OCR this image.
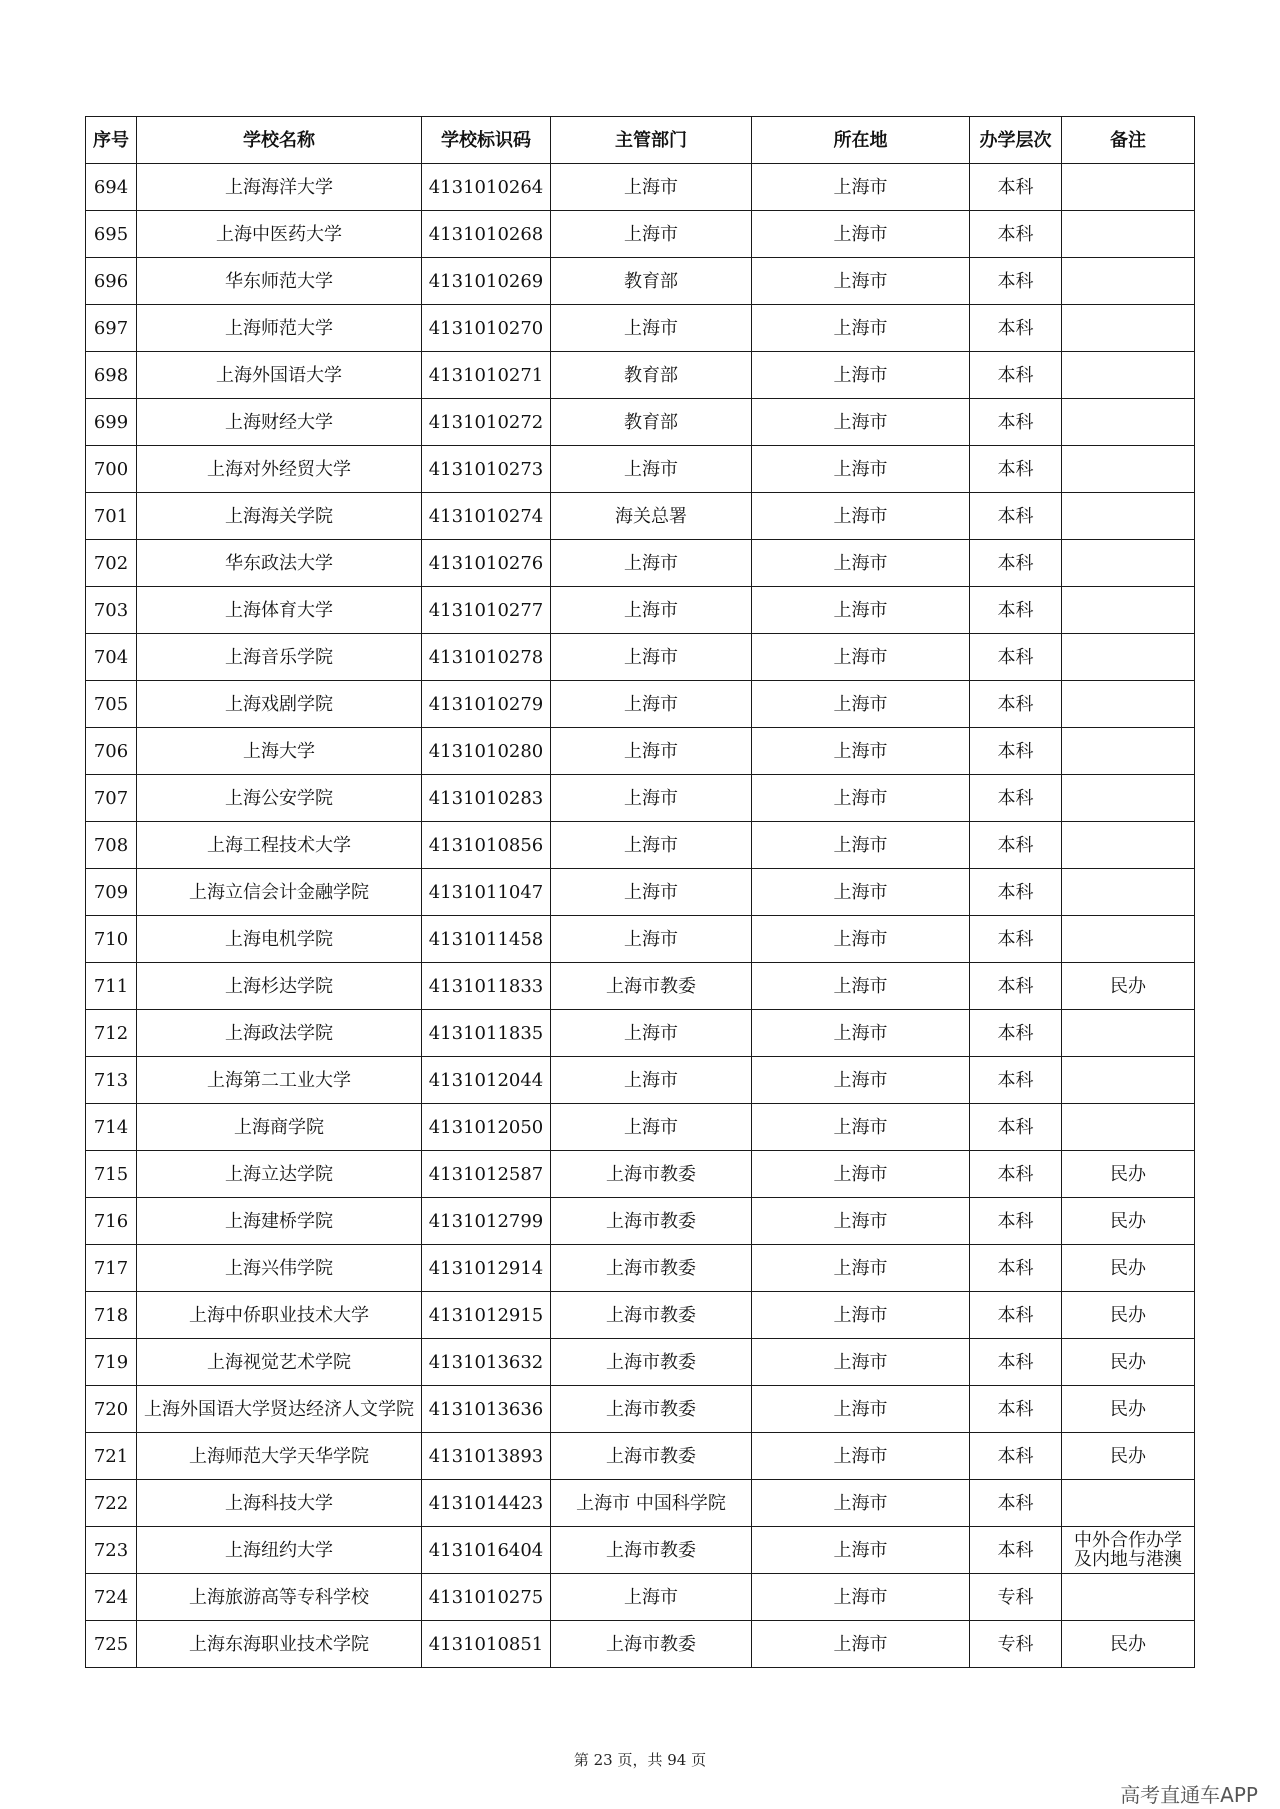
序号	学校名称	学校标识码	主管部门	所在地	办学层次	备注
694	上海海洋大学	4131010264	上海市	上海市	本科	
695	上海中医药大学	4131010268	上海市	上海市	本科	
696	华东师范大学	4131010269	教育部	上海市	本科	
697	上海师范大学	4131010270	上海市	上海市	本科	
698	上海外国语大学	4131010271	教育部	上海市	本科	
699	上海财经大学	4131010272	教育部	上海市	本科	
700	上海对外经贸大学	4131010273	上海市	上海市	本科	
701	上海海关学院	4131010274	海关总署	上海市	本科	
702	华东政法大学	4131010276	上海市	上海市	本科	
703	上海体育大学	4131010277	上海市	上海市	本科	
704	上海音乐学院	4131010278	上海市	上海市	本科	
705	上海戏剧学院	4131010279	上海市	上海市	本科	
706	上海大学	4131010280	上海市	上海市	本科	
707	上海公安学院	4131010283	上海市	上海市	本科	
708	上海工程技术大学	4131010856	上海市	上海市	本科	
709	上海立信会计金融学院	4131011047	上海市	上海市	本科	
710	上海电机学院	4131011458	上海市	上海市	本科	
711	上海杉达学院	4131011833	上海市教委	上海市	本科	民办
712	上海政法学院	4131011835	上海市	上海市	本科	
713	上海第二工业大学	4131012044	上海市	上海市	本科	
714	上海商学院	4131012050	上海市	上海市	本科	
715	上海立达学院	4131012587	上海市教委	上海市	本科	民办
716	上海建桥学院	4131012799	上海市教委	上海市	本科	民办
717	上海兴伟学院	4131012914	上海市教委	上海市	本科	民办
718	上海中侨职业技术大学	4131012915	上海市教委	上海市	本科	民办
719	上海视觉艺术学院	4131013632	上海市教委	上海市	本科	民办
720	上海外国语大学贤达经济人文学院	4131013636	上海市教委	上海市	本科	民办
721	上海师范大学天华学院	4131013893	上海市教委	上海市	本科	民办
722	上海科技大学	4131014423	上海市 中国科学院	上海市	本科	
723	上海纽约大学	4131016404	上海市教委	上海市	本科	中外合作办学及内地与港澳
724	上海旅游高等专科学校	4131010275	上海市	上海市	专科	
725	上海东海职业技术学院	4131010851	上海市教委	上海市	专科	民办
第 23 页，共 94 页
高考直通车APP
